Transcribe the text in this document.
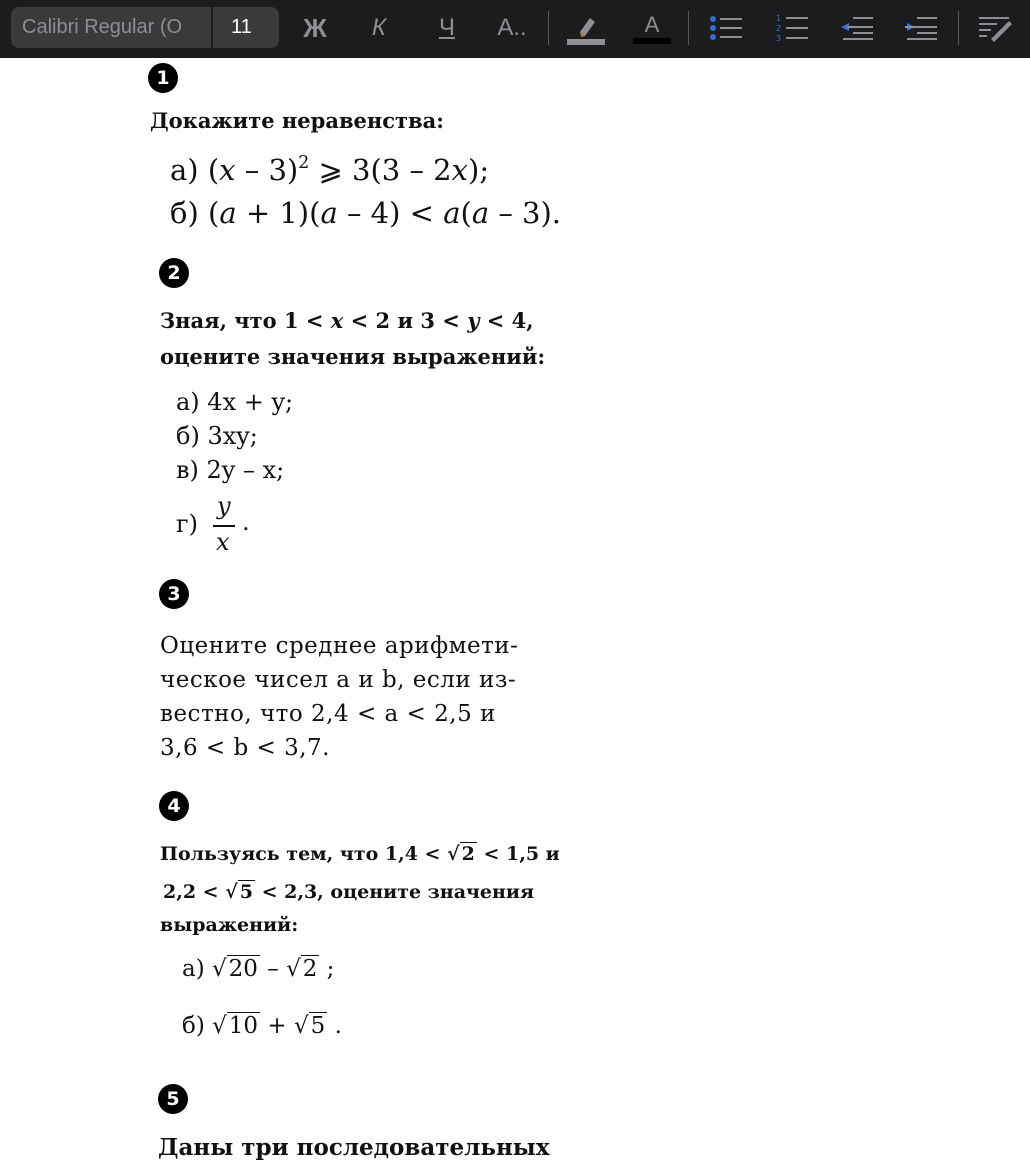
Calibri Regular (O	11 Ж	К	Ч А..	А	1
2
3
1
Докажите неравенства:
а) (x – 3)$^2$ ⩾ 3(3 – 2x);
б) (a + 1)(a – 4) < a(a – 3).
2
Зная, что 1 < x < 2 и 3 < y < 4,
оцените значения выражений:
а) 4x + y;
б) 3xy;
в) 2y – x;
г)
y
x
.
3
Оцените среднее арифмети-
ческое чисел a и b, если из-
вестно, что 2,4 < a < 2,5 и
3,6 < b < 3,7.
4
Пользуясь тем, что 1,4 < √ 2 < 1,5 и
2,2 < √ 5 < 2,3, оцените значения
выражений:
а) √20 – √2 ;
б) √10 + √5 .
5
Даны три последовательных
